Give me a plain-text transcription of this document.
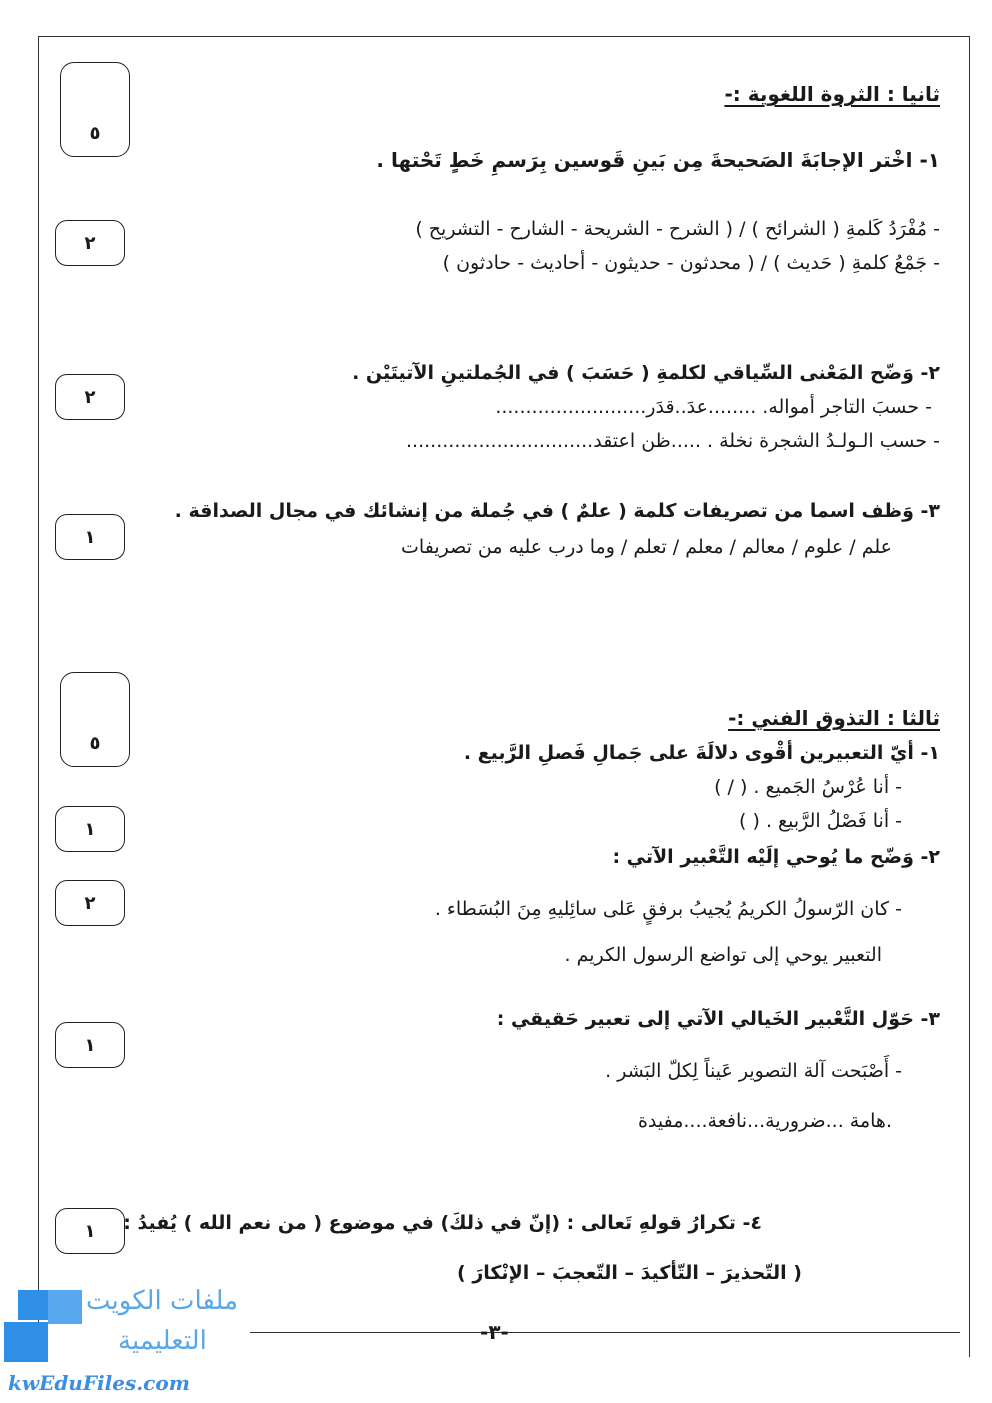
ثانيا : الثروة اللغوية :-
٥
١- اخْتر الإجابَةَ الصَحيحةَ مِن بَينِ قَوسين بِرَسمِ خَطٍ تَحْتها .
٢
- مُفْرَدُ كَلمةِ ( الشرائح ) / ( الشرح - الشريحة - الشارح - التشريح )
- جَمْعُ كلمةِ ( حَديث ) / ( محدثون - حديثون - أحاديث - حادثون )
٢- وَضّح المَعْنى السِّياقي لكلمةِ ( حَسَبَ ) في الجُملتينِ الآتيتَيْن .
٢	- حسبَ التاجر أمواله. ........عدَ..قدَر.........................
- حسب الـولـدُ الشجرة نخلة . .....ظن اعتقد...............................
٣- وَظف اسما من تصريفات كلمة ( علمٌ ) في جُملة من إنشائك في مجال الصداقة .
١	علم / علوم / معالم / معلم / تعلم / وما درب عليه من تصريفات
ثالثا : التذوق الفني :-
٥	١- أيّ التعبيرين أقْوى دلالَةَ على جَمالِ فَصلِ الرَّبيع .
١
- أنا عُرْسُ الجَميع . ( / )
- أنا فَصْلُ الرَّبيع . ( )
٢- وَضّح ما يُوحي إلَيْه التَّعْبير الآتي :
٢	- كان الرّسولُ الكريمُ يُجيبُ برفقٍ عَلى سائِليهِ مِنَ البُسَطاء .
التعبير يوحي إلى تواضع الرسول الكريم .
٣- حَوّل التَّعْبير الخَيالي الآتي إلى تعبير حَقيقي :
١
- أَصْبَحت آلة التصوير عَيناً لِكلّ البَشر .
.هامة ...ضرورية...نافعة....مفيدة
٤- تكرارُ قولهِ تَعالى : (إنّ في ذلكَ) في موضوع ( من نعم الله ) يُفيدُ :
١
( التّحذيرَ – التّأكيدَ – التّعجبَ – الإنْكارَ )
-٣-
ملفات الكويت
التعليمية
kwEduFiles.com
